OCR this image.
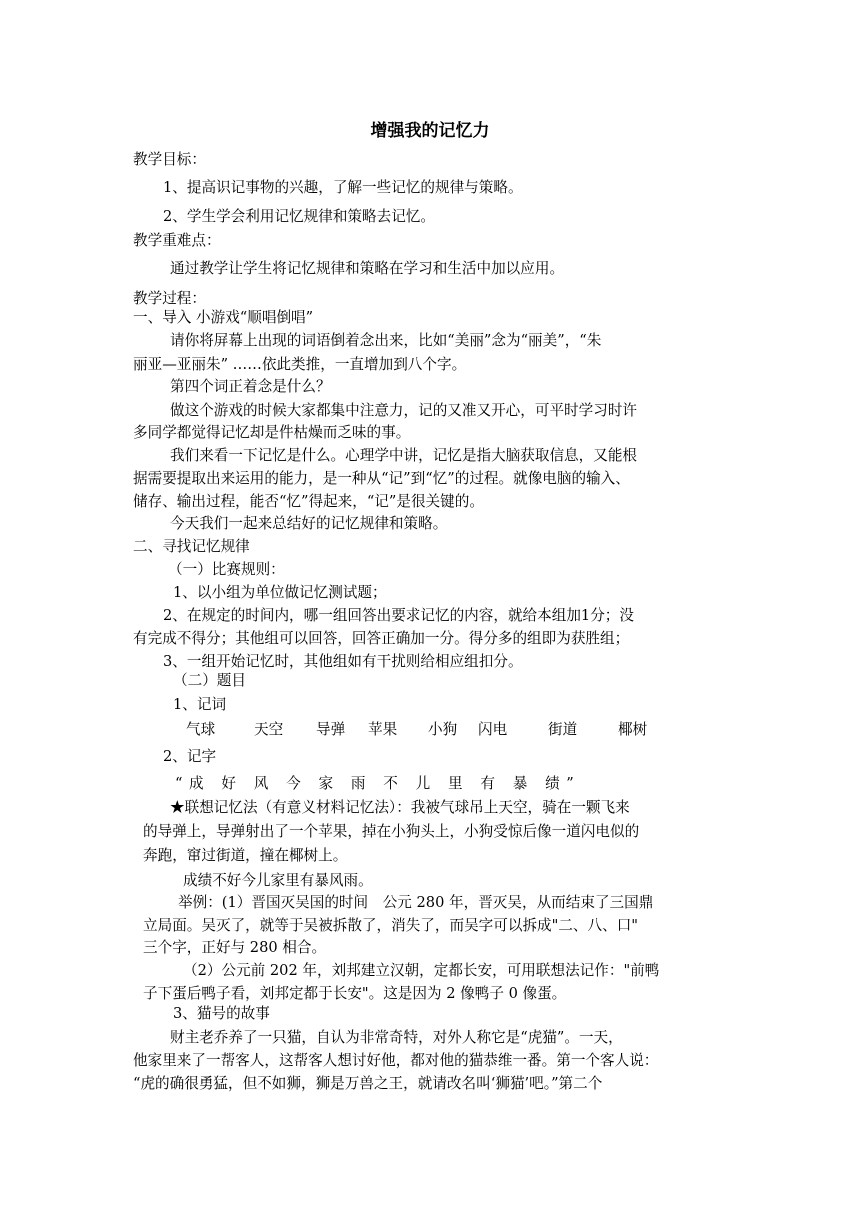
增强我的记忆力
教学目标：
1、提高识记事物的兴趣，了解一些记忆的规律与策略。
2、学生学会利用记忆规律和策略去记忆。
教学重难点：
通过教学让学生将记忆规律和策略在学习和生活中加以应用。
教学过程：
一、导入 小游戏“顺唱倒唱”
请你将屏幕上出现的词语倒着念出来，比如“美丽”念为“丽美”，“朱
丽亚—亚丽朱” ……依此类推，一直增加到八个字。
第四个词正着念是什么？
做这个游戏的时候大家都集中注意力，记的又准又开心，可平时学习时许
多同学都觉得记忆却是件枯燥而乏味的事。
我们来看一下记忆是什么。心理学中讲，记忆是指大脑获取信息，又能根
据需要提取出来运用的能力，是一种从“记”到“忆”的过程。就像电脑的输入、
储存、输出过程，能否“忆”得起来，“记”是很关键的。
今天我们一起来总结好的记忆规律和策略。
二、寻找记忆规律
（一）比赛规则：
1、以小组为单位做记忆测试题；
2、在规定的时间内，哪一组回答出要求记忆的内容，就给本组加1分；没
有完成不得分；其他组可以回答，回答正确加一分。得分多的组即为获胜组；
3、一组开始记忆时，其他组如有干扰则给相应组扣分。
（二）题目
1、记词
气球	天空 导弹 苹果 小狗 闪电	街道	椰树
2、记字
“成 好 风 今 家 雨 不 儿 里 有 暴 绩”
★联想记忆法（有意义材料记忆法）：我被气球吊上天空，骑在一颗飞来
的导弹上，导弹射出了一个苹果，掉在小狗头上，小狗受惊后像一道闪电似的
奔跑，窜过街道，撞在椰树上。
成绩不好今儿家里有暴风雨。
举例：(1）晋国灭吴国的时间　公元 280 年，晋灭吴，从而结束了三国鼎
立局面。吴灭了，就等于吴被拆散了，消失了，而吴字可以拆成"二、八、口"
三个字，正好与 280 相合。
（2）公元前 202 年，刘邦建立汉朝，定都长安，可用联想法记作："前鸭
子下蛋后鸭子看，刘邦定都于长安"。这是因为 2 像鸭子 0 像蛋。
3、猫号的故事
财主老乔养了一只猫，自认为非常奇特，对外人称它是“虎猫”。一天，
他家里来了一帮客人，这帮客人想讨好他，都对他的猫恭维一番。第一个客人说：
“虎的确很勇猛，但不如狮，狮是万兽之王，就请改名叫‘狮猫’吧。”第二个
